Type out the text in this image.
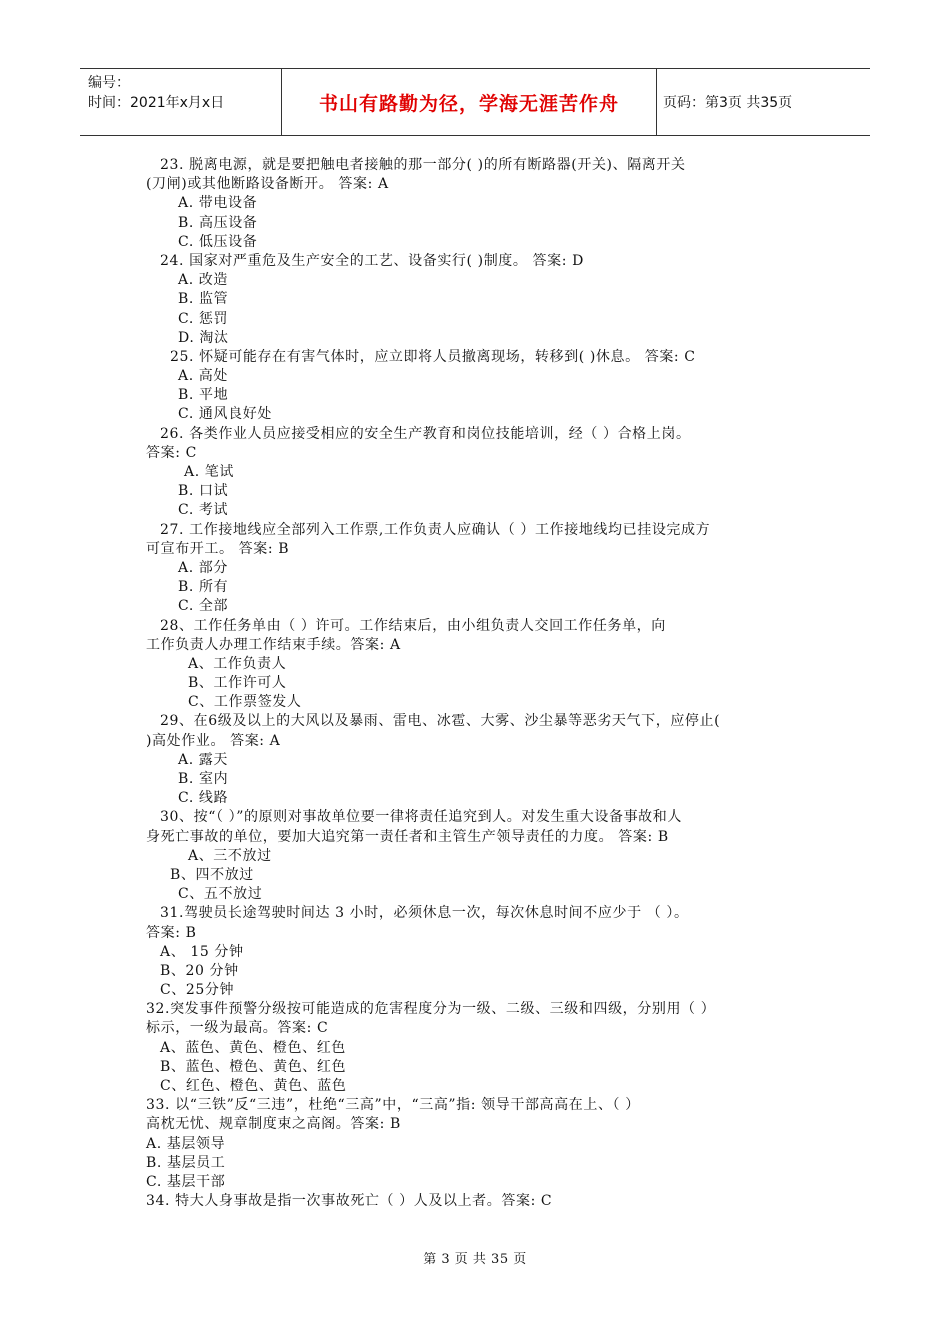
编号：
时间：2021年x月x日	书山有路勤为径，学海无涯苦作舟	页码：第3页 共35页
23. 脱离电源，就是要把触电者接触的那一部分( )的所有断路器(开关)、隔离开关
(刀闸)或其他断路设备断开。 答案: A
A. 带电设备
B. 高压设备
C. 低压设备
24. 国家对严重危及生产安全的工艺、设备实行( )制度。 答案: D
A. 改造
B. 监管
C. 惩罚
D. 淘汰
25. 怀疑可能存在有害气体时，应立即将人员撤离现场，转移到( )休息。 答案: C
A. 高处
B. 平地
C. 通风良好处
26. 各类作业人员应接受相应的安全生产教育和岗位技能培训，经（ ）合格上岗。
答案: C
A. 笔试
B. 口试
C. 考试
27. 工作接地线应全部列入工作票,工作负责人应确认（ ）工作接地线均已挂设完成方
可宣布开工。 答案: B
A. 部分
B. 所有
C. 全部
28、工作任务单由（ ）许可。工作结束后，由小组负责人交回工作任务单，向
工作负责人办理工作结束手续。答案: A
A、工作负责人
B、工作许可人
C、工作票签发人
29、在6级及以上的大风以及暴雨、雷电、冰雹、大雾、沙尘暴等恶劣天气下，应停止(
)高处作业。 答案: A
A. 露天
B. 室内
C. 线路
30、按“（ ）”的原则对事故单位要一律将责任追究到人。对发生重大设备事故和人
身死亡事故的单位，要加大追究第一责任者和主管生产领导责任的力度。 答案: B
A、三不放过
B、四不放过
C、五不放过
31.驾驶员长途驾驶时间达 3 小时，必须休息一次，每次休息时间不应少于 （ ）。
答案: B
A、 15 分钟
B、20 分钟
C、25分钟
32.突发事件预警分级按可能造成的危害程度分为一级、二级、三级和四级，分别用（ ）
标示，一级为最高。答案: C
A、蓝色、黄色、橙色、红色
B、蓝色、橙色、黄色、红色
C、红色、橙色、黄色、蓝色
33. 以“三铁”反“三违”，杜绝“三高”中，“三高”指: 领导干部高高在上、（ ）
高枕无忧、规章制度束之高阁。答案: B
A. 基层领导
B. 基层员工
C. 基层干部
34. 特大人身事故是指一次事故死亡（ ）人及以上者。答案: C
第 3 页 共 35 页
